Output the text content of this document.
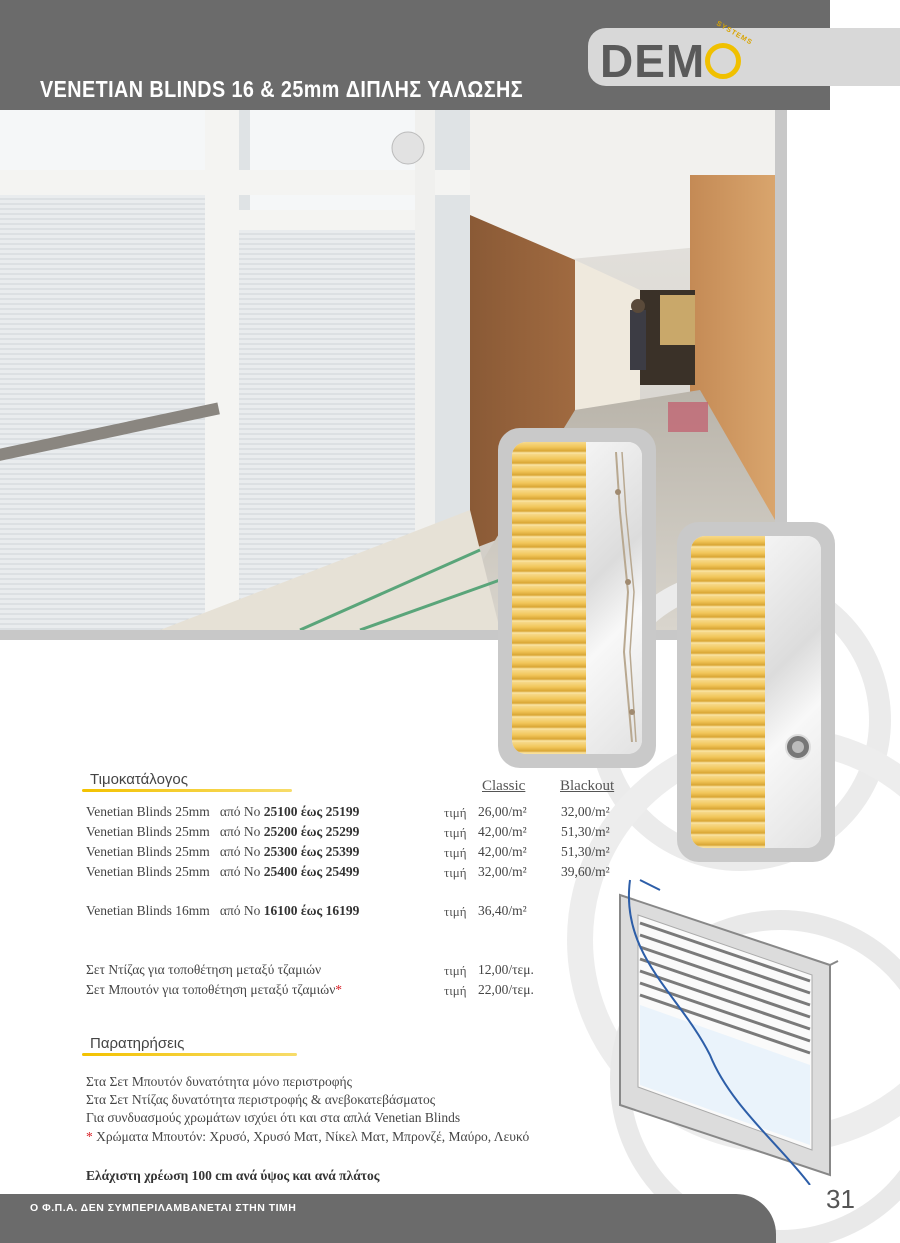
VENETIAN BLINDS 16 & 25mm ΔΙΠΛΗΣ ΥΑΛΩΣΗΣ
DEM
SYSTEMS
Τιμοκατάλογος	Classic Blackout
Venetian Blinds 25mm από Νο 25100 έως 25199	τιμή 26,00/m²	32,00/m²
Venetian Blinds 25mm από Νο 25200 έως 25299	τιμή 42,00/m²	51,30/m²
Venetian Blinds 25mm από Νο 25300 έως 25399	τιμή 42,00/m²	51,30/m²
Venetian Blinds 25mm από Νο 25400 έως 25499	τιμή 32,00/m²	39,60/m²
Venetian Blinds 16mm από Νο 16100 έως 16199	τιμή 36,40/m²
Σετ Ντίζας για τοποθέτηση μεταξύ τζαμιών	τιμή 12,00/τεμ.
Σετ Μπουτόν για τοποθέτηση μεταξύ τζαμιών*	τιμή 22,00/τεμ.
Παρατηρήσεις
Στα Σετ Μπουτόν δυνατότητα μόνο περιστροφής
Στα Σετ Ντίζας δυνατότητα περιστροφής & ανεβοκατεβάσματος
Για συνδυασμούς χρωμάτων ισχύει ότι και στα απλά Venetian Blinds
* Χρώματα Μπουτόν: Χρυσό, Χρυσό Ματ, Νίκελ Ματ, Μπρονζέ, Μαύρο, Λευκό
Ελάχιστη χρέωση 100 cm ανά ύψος και ανά πλάτος
Ο Φ.Π.Α. ΔΕΝ ΣΥΜΠΕΡΙΛΑΜΒΑΝΕΤΑΙ ΣΤΗΝ ΤΙΜΗ	31
